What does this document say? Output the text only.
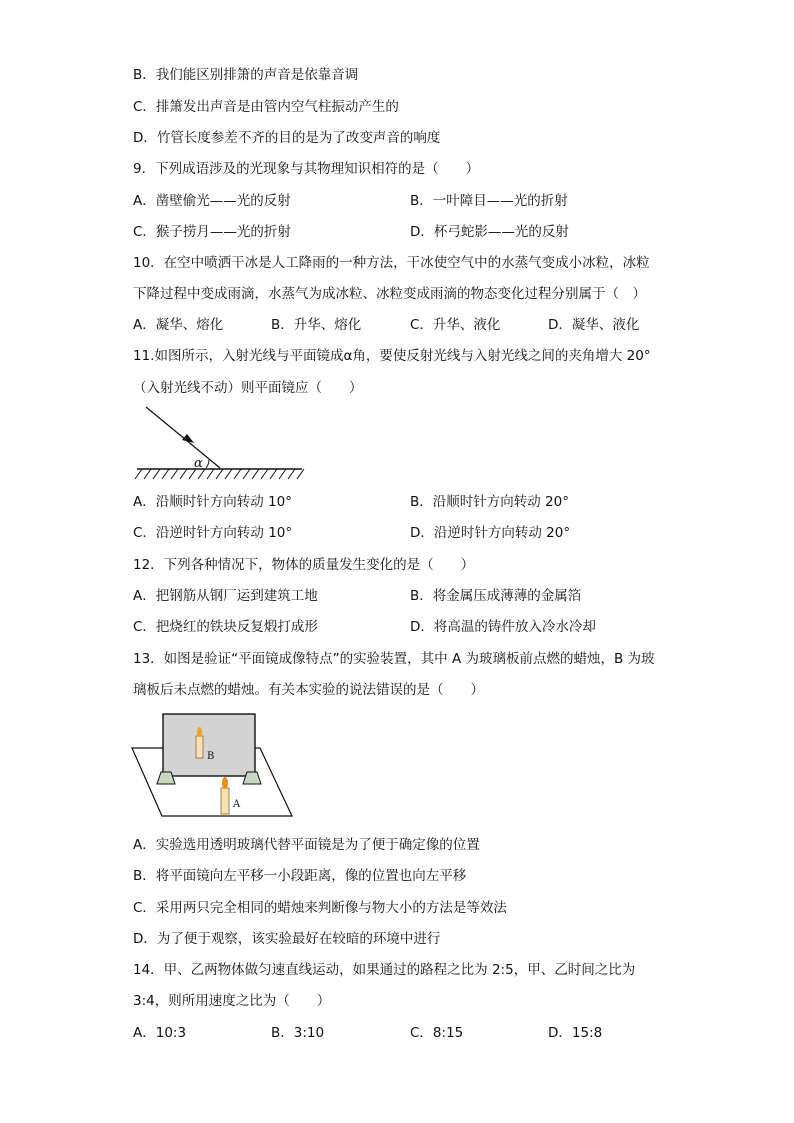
B．我们能区别排箫的声音是依靠音调
C．排箫发出声音是由管内空气柱振动产生的
D．竹管长度参差不齐的目的是为了改变声音的响度
9．下列成语涉及的光现象与其物理知识相符的是（　　）
A．凿壁偷光——光的反射	B．一叶障目——光的折射
C．猴子捞月——光的折射	D．杯弓蛇影——光的反射
10．在空中喷洒干冰是人工降雨的一种方法，干冰使空气中的水蒸气变成小冰粒，冰粒
下降过程中变成雨滴，水蒸气为成冰粒、冰粒变成雨滴的物态变化过程分别属于（　）
A．凝华、熔化	B．升华、熔化	C．升华、液化	D．凝华、液化
11.如图所示，入射光线与平面镜成α角，要使反射光线与入射光线之间的夹角增大 20°
（入射光线不动）则平面镜应（　　）
α
A．沿顺时针方向转动 10°	B．沿顺时针方向转动 20°
C．沿逆时针方向转动 10°	D．沿逆时针方向转动 20°
12．下列各种情况下，物体的质量发生变化的是（　　）
A．把钢筋从钢厂运到建筑工地	B．将金属压成薄薄的金属箔
C．把烧红的铁块反复煅打成形	D．将高温的铸件放入冷水冷却
13．如图是验证“平面镜成像特点”的实验装置，其中 A 为玻璃板前点燃的蜡烛，B 为玻
璃板后未点燃的蜡烛。有关本实验的说法错误的是（　　）
B
A
A．实验选用透明玻璃代替平面镜是为了便于确定像的位置
B．将平面镜向左平移一小段距离，像的位置也向左平移
C．采用两只完全相同的蜡烛来判断像与物大小的方法是等效法
D．为了便于观察，该实验最好在较暗的环境中进行
14．甲、乙两物体做匀速直线运动，如果通过的路程之比为 2:5，甲、乙时间之比为
3:4，则所用速度之比为（　　）
A．10:3	B．3:10	C．8:15	D．15:8
